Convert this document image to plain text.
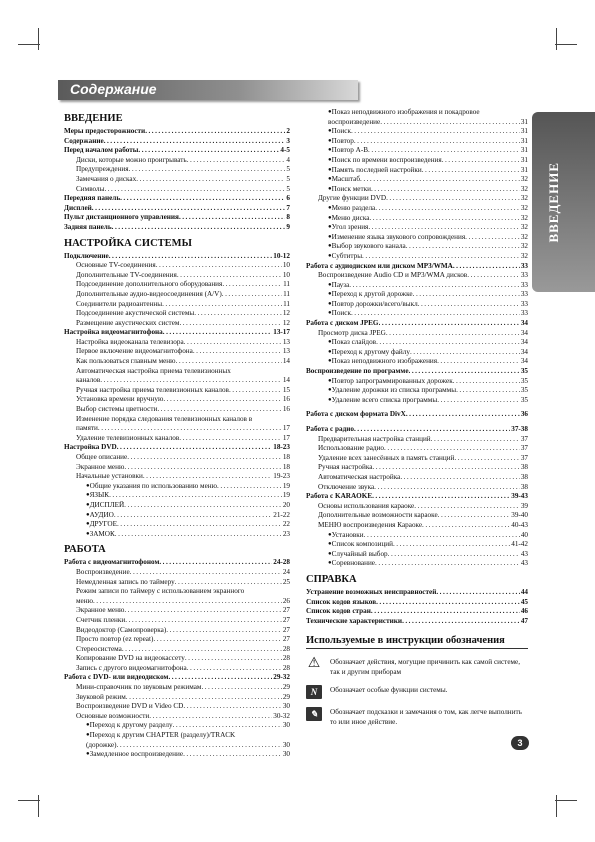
Содержание
ВВЕДЕНИЕ
ВВЕДЕНИЕ
Меры предосторожности .....	2
Содержание .....	3
Перед началом работы .....	4-5
Диски, которые можно проигрывать .....	4
Предупреждения .....	5
Замечания о дисках .....	5
Символы .....	5
Передняя панель .....	6
Дисплей .....	7
Пульт дистанционного управления .....	8
Задняя панель .....	9
НАСТРОЙКА СИСТЕМЫ
Подключение .....	10-12
Основные TV-соединения .....	10
Дополнительные TV-соединения .....	10
Подсоединение дополнительного оборудования .....	11
Дополнительные аудио-видеосоединения (A/V) .....	11
Соединители радиоантенны .....	11
Подсоединение акустической системы .....	12
Размещение акустических систем .....	12
Настройка видеомагнитофона .....	13-17
Настройка видеоканала телевизора .....	13
Первое включение видеомагнитофона .....	13
Как пользоваться главным меню .....	14
Автоматическая настройка приема телевизионных
каналов .....	14
Ручная настройка приема телевизионных каналов .....	15
Установка времени вручную .....	16
Выбор системы цветности .....	16
Изменение порядка следования телевизионных каналов в
памяти .....	17
Удаление телевизионных каналов .....	17
Настройка DVD .....	18-23
Общее описание .....	18
Экранное меню .....	18
Начальные установки .....	19-23
● Общие указания по использованию меню .....	19
● ЯЗЫК .....	19
● ДИСПЛЕЙ .....	20
● АУДИО .....	21-22
● ДРУГОЕ .....	22
● ЗАМОК .....	23
РАБОТА
Работа с видеомагнитофоном .....	24-28
Воспроизведение .....	24
Немедленная запись по таймеру .....	25
Режим записи по таймеру с использованием экранного
меню .....	26
Экранное меню .....	27
Счетчик пленки .....	27
Видеодоктор (Самопроверка) .....	27
Просто повтор (ez repeat) .....	27
Стереосистема .....	28
Копирование DVD на видеокассету .....	28
Запись с другого видеомагнитофона .....	28
Работа с DVD- или видеодиском .....	29-32
Мини-справочник по звуковым режимам .....	29
Звуковой режим .....	29
Воспроизведение DVD и Video CD .....	30
Основные возможности .....	30-32
● Переход к другому разделу .....	30
● Переход к другим CHAPTER (разделу)/TRACK
(дорожке) .....	30
● Замедленное воспроизведение .....	30
● Показ неподвижного изображения и покадровое
воспроизведение .....	31
● Поиск .....	31
● Повтор .....	31
● Повтор A-B .....	31
● Поиск по времени воспроизведения .....	31
● Память последней настройки .....	31
● Масштаб .....	32
● Поиск метки .....	32
Другие функции DVD .....	32
● Меню раздела .....	32
● Меню диска .....	32
● Угол зрения .....	32
● Изменение языка звукового сопровождения .....	32
● Выбор звукового канала .....	32
● Субтитры .....	32
Работа с аудиодиском или диском MP3/WMA .....	33
Воспроизведение Audio CD и MP3/WMA дисков .....	33
● Пауза .....	33
● Переход к другой дорожке .....	33
● Повтор дорожки/всего/выкл .....	33
● Поиск .....	33
Работа с диском JPEG .....	34
Просмотр диска JPEG .....	34
● Показ слайдов .....	34
● Переход к другому файлу .....	34
● Показ неподвижного изображения .....	34
Воспроизведение по программе .....	35
● Повтор запрограммированных дорожек .....	35
● Удаление дорожки из списка программы .....	35
● Удаление всего списка программы .....	35
Работа с диском формата DivX .....	36
Работа с радио .....	37-38
Предварительная настройка станций .....	37
Использование радио .....	37
Удаление всех занесённых в память станций .....	37
Ручная настройка .....	38
Автоматическая настройка .....	38
Отключение звука .....	38
Работа с KARAOKE .....	39-43
Основы использования караоке .....	39
Дополнительные возможности караоке .....	39-40
МЕНЮ воспроизведения Караоке .....	40-43
● Установки .....	40
● Список композиций .....	41-42
● Случайный выбор .....	43
● Соревнование .....	43
СПРАВКА
Устранение возможных неисправностей .....	44
Список кодов языков .....	45
Список кодов стран .....	46
Технические характеристики .....	47
Используемые в инструкции обозначения
⚠ Обозначает действия, могущие причинить как самой системе, так и другим приборам
N	Обозначает особые функции системы.
✎	Обозначает подсказки и замечания о том, как легче выполнить то или иное действие.
3
